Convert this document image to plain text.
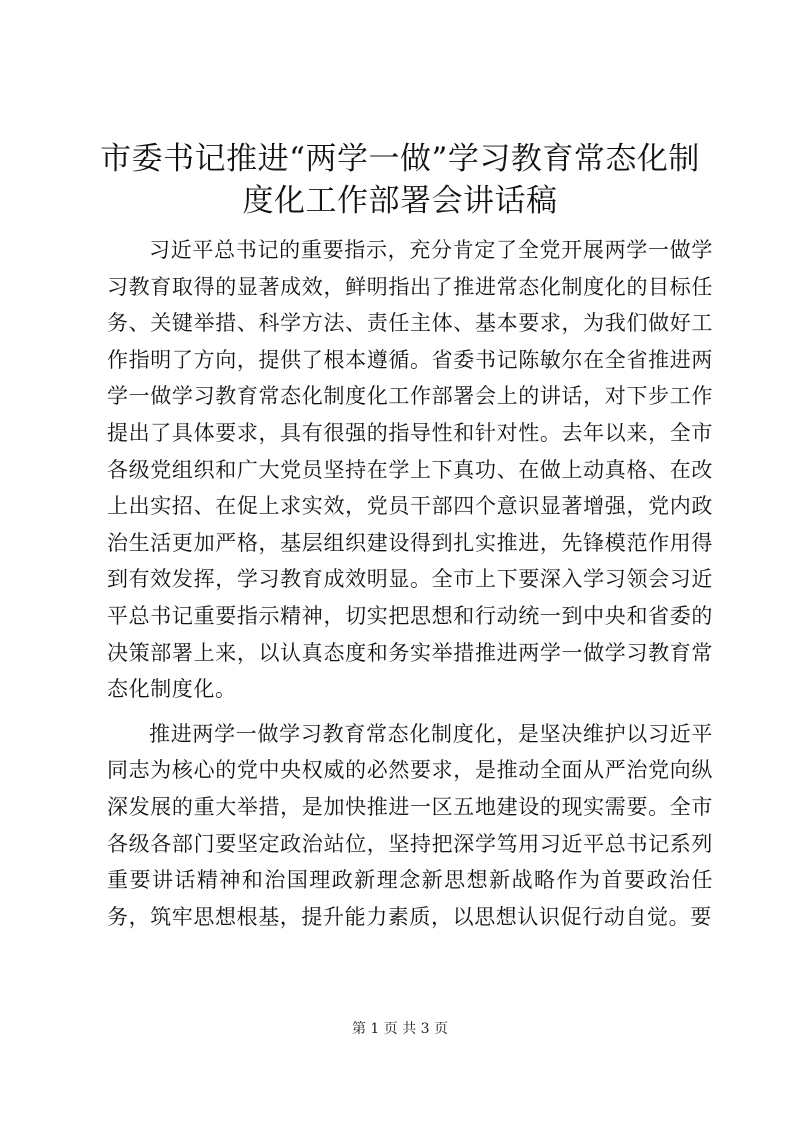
市委书记推进“两学一做”学习教育常态化制度化工作部署会讲话稿

习近平总书记的重要指示，充分肯定了全党开展两学一做学习教育取得的显著成效，鲜明指出了推进常态化制度化的目标任务、关键举措、科学方法、责任主体、基本要求，为我们做好工作指明了方向，提供了根本遵循。省委书记陈敏尔在全省推进两学一做学习教育常态化制度化工作部署会上的讲话，对下步工作提出了具体要求，具有很强的指导性和针对性。去年以来，全市各级党组织和广大党员坚持在学上下真功、在做上动真格、在改上出实招、在促上求实效，党员干部四个意识显著增强，党内政治生活更加严格，基层组织建设得到扎实推进，先锋模范作用得到有效发挥，学习教育成效明显。全市上下要深入学习领会习近平总书记重要指示精神，切实把思想和行动统一到中央和省委的决策部署上来，以认真态度和务实举措推进两学一做学习教育常态化制度化。

推进两学一做学习教育常态化制度化，是坚决维护以习近平同志为核心的党中央权威的必然要求，是推动全面从严治党向纵深发展的重大举措，是加快推进一区五地建设的现实需要。全市各级各部门要坚定政治站位，坚持把深学笃用习近平总书记系列重要讲话精神和治国理政新理念新思想新战略作为首要政治任务，筑牢思想根基，提升能力素质，以思想认识促行动自觉。要

第 1 页 共 3 页
